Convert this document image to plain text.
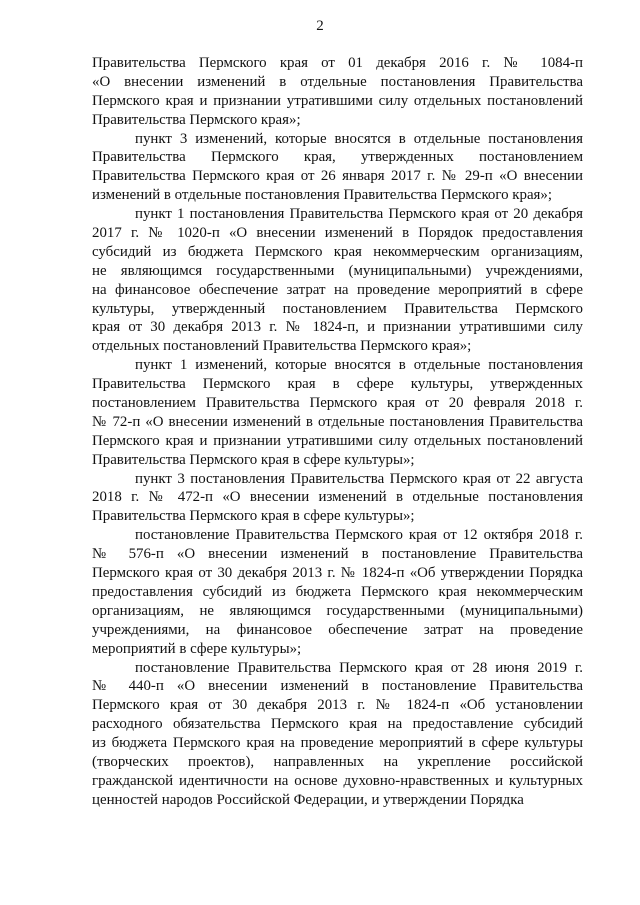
2
Правительства Пермского края от 01 декабря 2016 г. № 1084-п
«О внесении изменений в отдельные постановления Правительства
Пермского края и признании утратившими силу отдельных постановлений
Правительства Пермского края»;
пункт 3 изменений, которые вносятся в отдельные постановления
Правительства Пермского края, утвержденных постановлением
Правительства Пермского края от 26 января 2017 г. № 29-п «О внесении
изменений в отдельные постановления Правительства Пермского края»;
пункт 1 постановления Правительства Пермского края от 20 декабря
2017 г. № 1020-п «О внесении изменений в Порядок предоставления
субсидий из бюджета Пермского края некоммерческим организациям,
не являющимся государственными (муниципальными) учреждениями,
на финансовое обеспечение затрат на проведение мероприятий в сфере
культуры, утвержденный постановлением Правительства Пермского
края от 30 декабря 2013 г. № 1824-п, и признании утратившими силу
отдельных постановлений Правительства Пермского края»;
пункт 1 изменений, которые вносятся в отдельные постановления
Правительства Пермского края в сфере культуры, утвержденных
постановлением Правительства Пермского края от 20 февраля 2018 г.
№ 72-п «О внесении изменений в отдельные постановления Правительства
Пермского края и признании утратившими силу отдельных постановлений
Правительства Пермского края в сфере культуры»;
пункт 3 постановления Правительства Пермского края от 22 августа
2018 г. № 472-п «О внесении изменений в отдельные постановления
Правительства Пермского края в сфере культуры»;
постановление Правительства Пермского края от 12 октября 2018 г.
№ 576-п «О внесении изменений в постановление Правительства
Пермского края от 30 декабря 2013 г. № 1824-п «Об утверждении Порядка
предоставления субсидий из бюджета Пермского края некоммерческим
организациям, не являющимся государственными (муниципальными)
учреждениями, на финансовое обеспечение затрат на проведение
мероприятий в сфере культуры»;
постановление Правительства Пермского края от 28 июня 2019 г.
№ 440-п «О внесении изменений в постановление Правительства
Пермского края от 30 декабря 2013 г. № 1824-п «Об установлении
расходного обязательства Пермского края на предоставление субсидий
из бюджета Пермского края на проведение мероприятий в сфере культуры
(творческих проектов), направленных на укрепление российской
гражданской идентичности на основе духовно-нравственных и культурных
ценностей народов Российской Федерации, и утверждении Порядка
